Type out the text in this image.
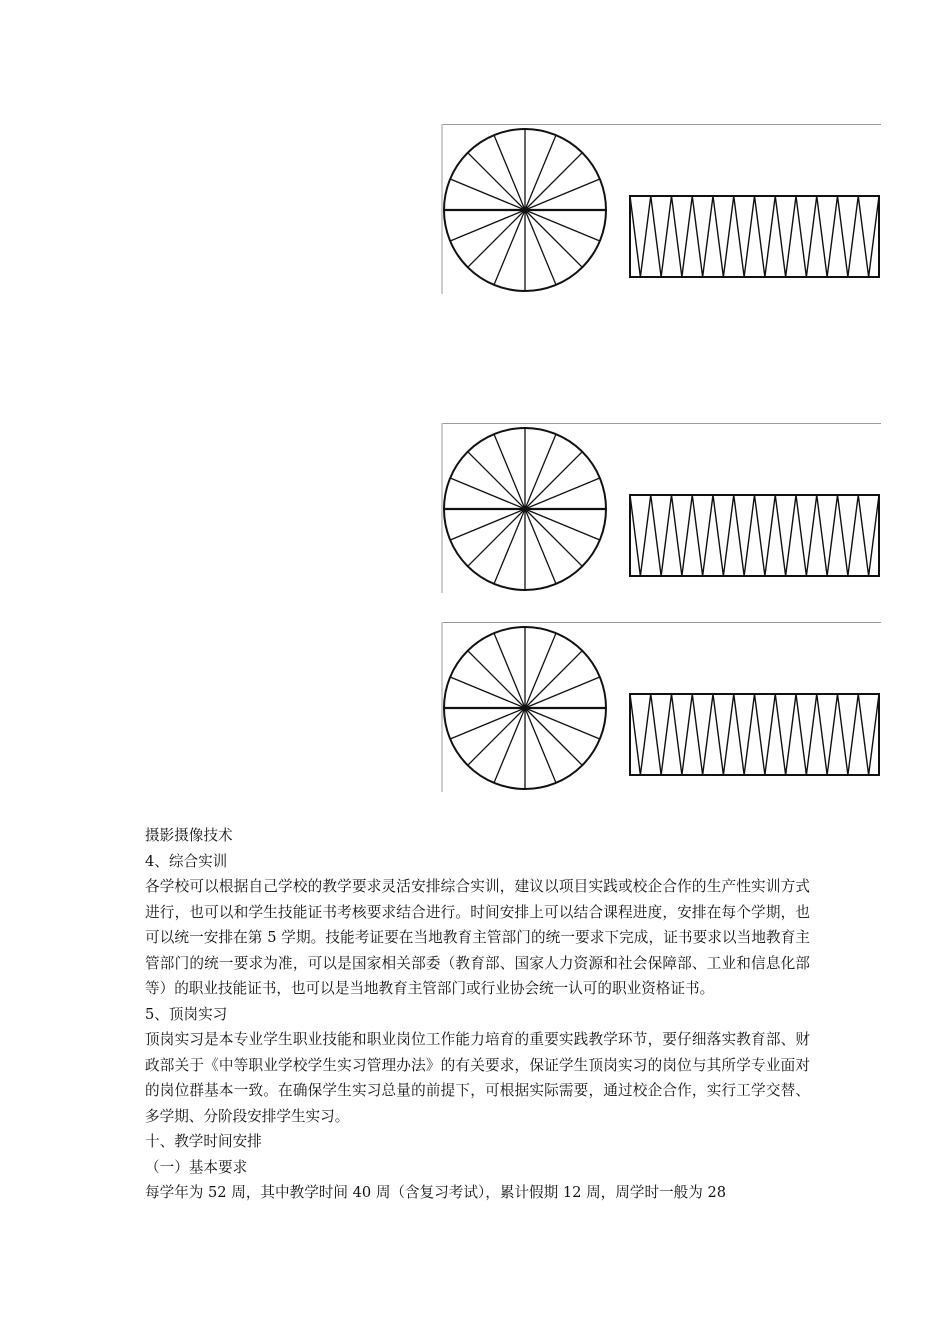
摄影摄像技术

4、综合实训

各学校可以根据自己学校的教学要求灵活安排综合实训，建议以项目实践或校企合作的生产性实训方式进行，也可以和学生技能证书考核要求结合进行。时间安排上可以结合课程进度，安排在每个学期，也可以统一安排在第 5 学期。技能考证要在当地教育主管部门的统一要求下完成，证书要求以当地教育主管部门的统一要求为准，可以是国家相关部委（教育部、国家人力资源和社会保障部、工业和信息化部等）的职业技能证书，也可以是当地教育主管部门或行业协会统一认可的职业资格证书。

5、顶岗实习

顶岗实习是本专业学生职业技能和职业岗位工作能力培育的重要实践教学环节，要仔细落实教育部、财政部关于《中等职业学校学生实习管理办法》的有关要求，保证学生顶岗实习的岗位与其所学专业面对的岗位群基本一致。在确保学生实习总量的前提下，可根据实际需要，通过校企合作，实行工学交替、多学期、分阶段安排学生实习。

十、教学时间安排

（一）基本要求

每学年为 52 周，其中教学时间 40 周（含复习考试），累计假期 12 周，周学时一般为 28
